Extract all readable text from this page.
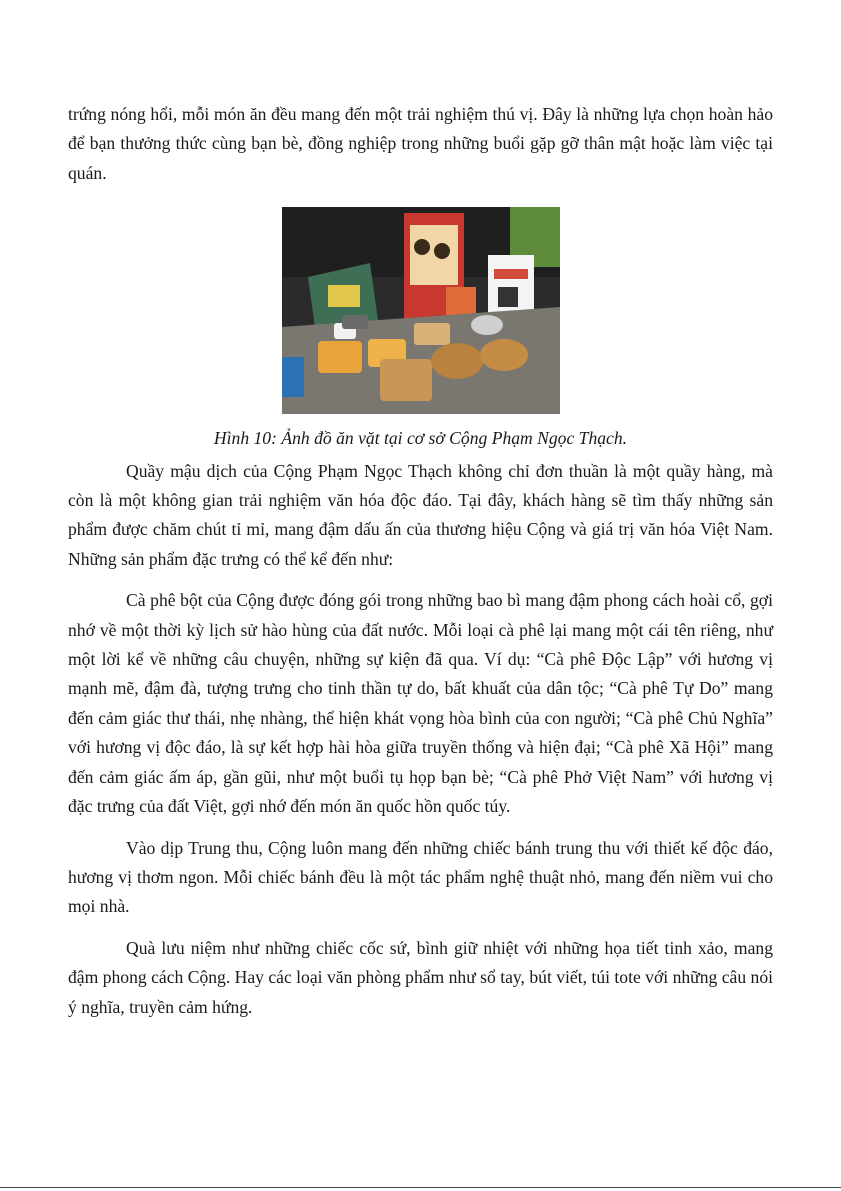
trứng nóng hổi, mỗi món ăn đều mang đến một trải nghiệm thú vị. Đây là những lựa chọn hoàn hảo để bạn thưởng thức cùng bạn bè, đồng nghiệp trong những buổi gặp gỡ thân mật hoặc làm việc tại quán.

Hình 10: Ảnh đồ ăn vặt tại cơ sở Cộng Phạm Ngọc Thạch.

Quầy mậu dịch của Cộng Phạm Ngọc Thạch không chỉ đơn thuần là một quầy hàng, mà còn là một không gian trải nghiệm văn hóa độc đáo. Tại đây, khách hàng sẽ tìm thấy những sản phẩm được chăm chút tỉ mỉ, mang đậm dấu ấn của thương hiệu Cộng và giá trị văn hóa Việt Nam. Những sản phẩm đặc trưng có thể kể đến như:

Cà phê bột của Cộng được đóng gói trong những bao bì mang đậm phong cách hoài cổ, gợi nhớ về một thời kỳ lịch sử hào hùng của đất nước. Mỗi loại cà phê lại mang một cái tên riêng, như một lời kể về những câu chuyện, những sự kiện đã qua. Ví dụ: “Cà phê Độc Lập” với hương vị mạnh mẽ, đậm đà, tượng trưng cho tinh thần tự do, bất khuất của dân tộc; “Cà phê Tự Do” mang đến cảm giác thư thái, nhẹ nhàng, thể hiện khát vọng hòa bình của con người; “Cà phê Chủ Nghĩa” với hương vị độc đáo, là sự kết hợp hài hòa giữa truyền thống và hiện đại; “Cà phê Xã Hội” mang đến cảm giác ấm áp, gần gũi, như một buổi tụ họp bạn bè; “Cà phê Phở Việt Nam” với hương vị đặc trưng của đất Việt, gợi nhớ đến món ăn quốc hồn quốc túy.

Vào dịp Trung thu, Cộng luôn mang đến những chiếc bánh trung thu với thiết kế độc đáo, hương vị thơm ngon. Mỗi chiếc bánh đều là một tác phẩm nghệ thuật nhỏ, mang đến niềm vui cho mọi nhà.

Quà lưu niệm như những chiếc cốc sứ, bình giữ nhiệt với những họa tiết tinh xảo, mang đậm phong cách Cộng. Hay các loại văn phòng phẩm như sổ tay, bút viết, túi tote với những câu nói ý nghĩa, truyền cảm hứng.
